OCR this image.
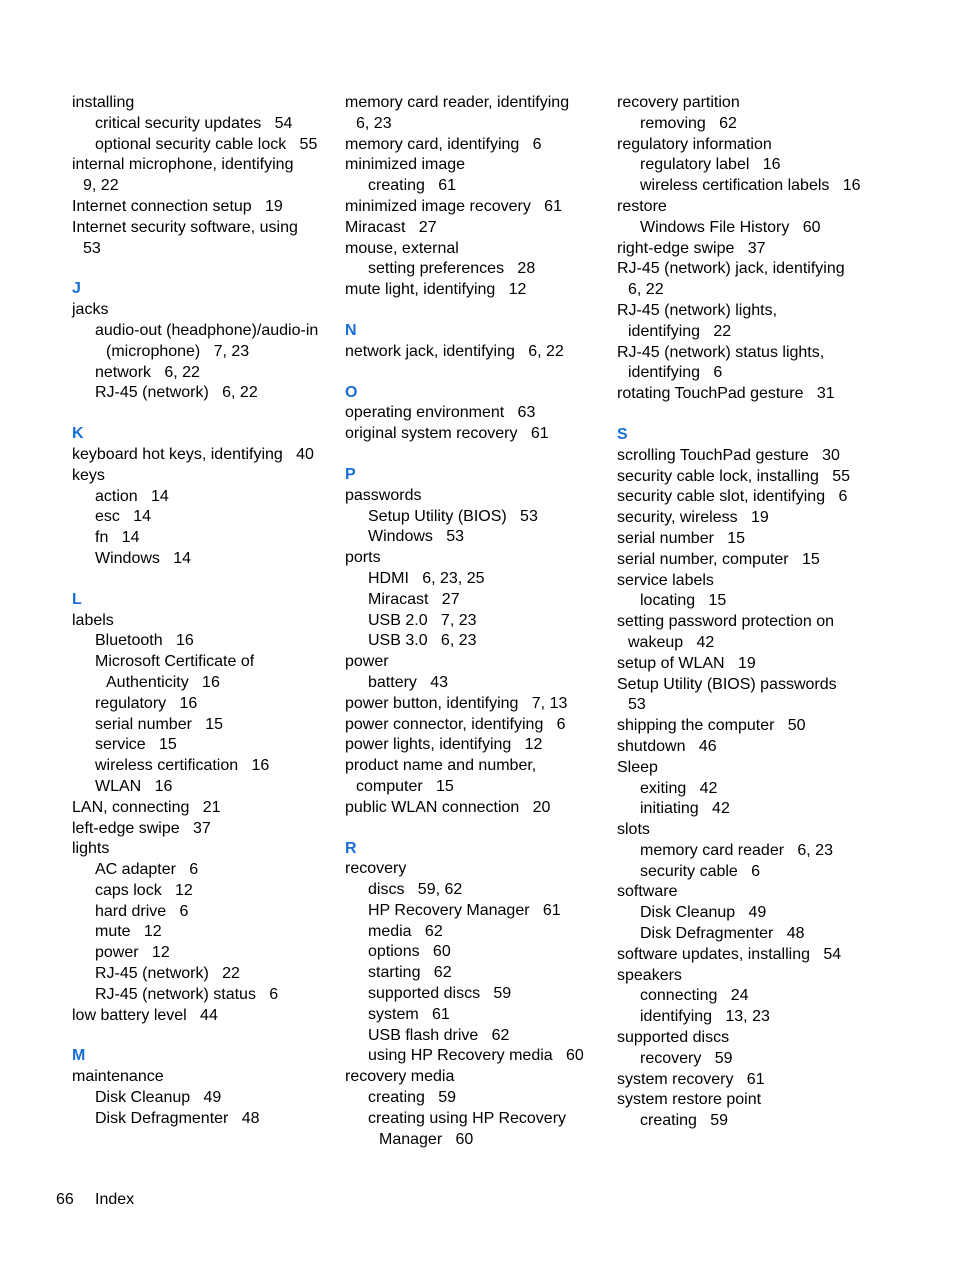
installing
critical security updates   54
optional security cable lock   55
internal microphone, identifying
9, 22
Internet connection setup   19
Internet security software, using
53
J
jacks
audio-out (headphone)/audio-in
(microphone)   7, 23
network   6, 22
RJ-45 (network)   6, 22
K
keyboard hot keys, identifying   40
keys
action   14
esc   14
fn   14
Windows   14
L
labels
Bluetooth   16
Microsoft Certificate of
Authenticity   16
regulatory   16
serial number   15
service   15
wireless certification   16
WLAN   16
LAN, connecting   21
left-edge swipe   37
lights
AC adapter   6
caps lock   12
hard drive   6
mute   12
power   12
RJ-45 (network)   22
RJ-45 (network) status   6
low battery level   44
M
maintenance
Disk Cleanup   49
Disk Defragmenter   48
memory card reader, identifying
6, 23
memory card, identifying   6
minimized image
creating   61
minimized image recovery   61
Miracast   27
mouse, external
setting preferences   28
mute light, identifying   12
N
network jack, identifying   6, 22
O
operating environment   63
original system recovery   61
P
passwords
Setup Utility (BIOS)   53
Windows   53
ports
HDMI   6, 23, 25
Miracast   27
USB 2.0   7, 23
USB 3.0   6, 23
power
battery   43
power button, identifying   7, 13
power connector, identifying   6
power lights, identifying   12
product name and number,
computer   15
public WLAN connection   20
R
recovery
discs   59, 62
HP Recovery Manager   61
media   62
options   60
starting   62
supported discs   59
system   61
USB flash drive   62
using HP Recovery media   60
recovery media
creating   59
creating using HP Recovery
Manager   60
recovery partition
removing   62
regulatory information
regulatory label   16
wireless certification labels   16
restore
Windows File History   60
right-edge swipe   37
RJ-45 (network) jack, identifying
6, 22
RJ-45 (network) lights,
identifying   22
RJ-45 (network) status lights,
identifying   6
rotating TouchPad gesture   31
S
scrolling TouchPad gesture   30
security cable lock, installing   55
security cable slot, identifying   6
security, wireless   19
serial number   15
serial number, computer   15
service labels
locating   15
setting password protection on
wakeup   42
setup of WLAN   19
Setup Utility (BIOS) passwords
53
shipping the computer   50
shutdown   46
Sleep
exiting   42
initiating   42
slots
memory card reader   6, 23
security cable   6
software
Disk Cleanup   49
Disk Defragmenter   48
software updates, installing   54
speakers
connecting   24
identifying   13, 23
supported discs
recovery   59
system recovery   61
system restore point
creating   59
66 Index
